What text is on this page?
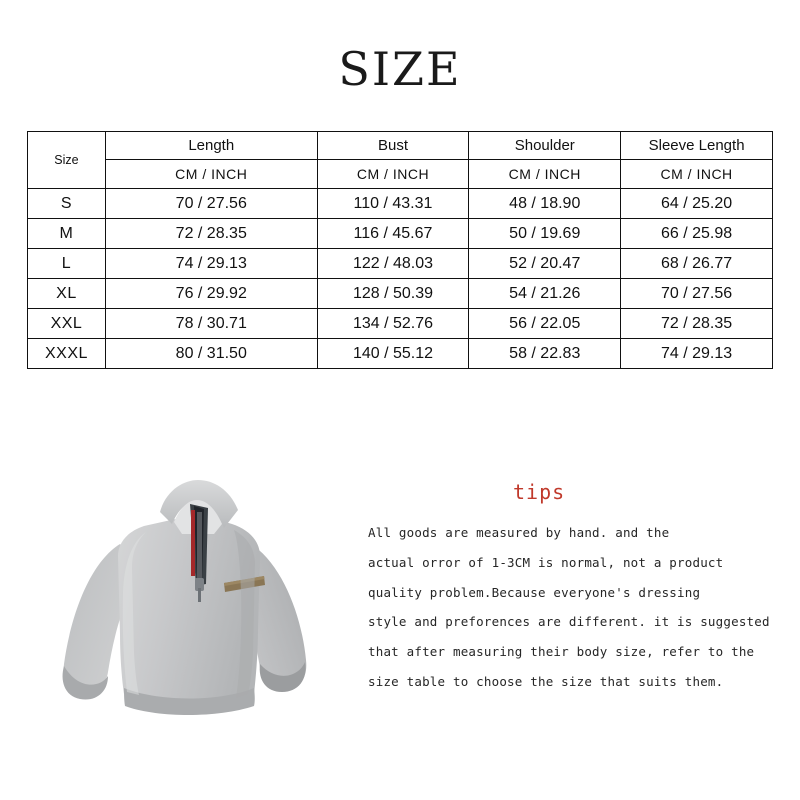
SIZE
Size	Length	Bust	Shoulder	Sleeve Length
	CM / INCH	CM / INCH	CM / INCH	CM / INCH
S	70 / 27.56	110 / 43.31	48 / 18.90	64 / 25.20
M	72 / 28.35	116 / 45.67	50 / 19.69	66 / 25.98
L	74 / 29.13	122 / 48.03	52 / 20.47	68 / 26.77
XL	76 / 29.92	128 / 50.39	54 / 21.26	70 / 27.56
XXL	78 / 30.71	134 / 52.76	56 / 22.05	72 / 28.35
XXXL	80 / 31.50	140 / 55.12	58 / 22.83	74 / 29.13
tips

All goods are measured by hand. and the

actual orror of 1-3CM is normal, not a product

quality problem.Because everyone's dressing

style and preforences are different. it is suggested

that after measuring their body size, refer to the

size table to choose the size that suits them.
